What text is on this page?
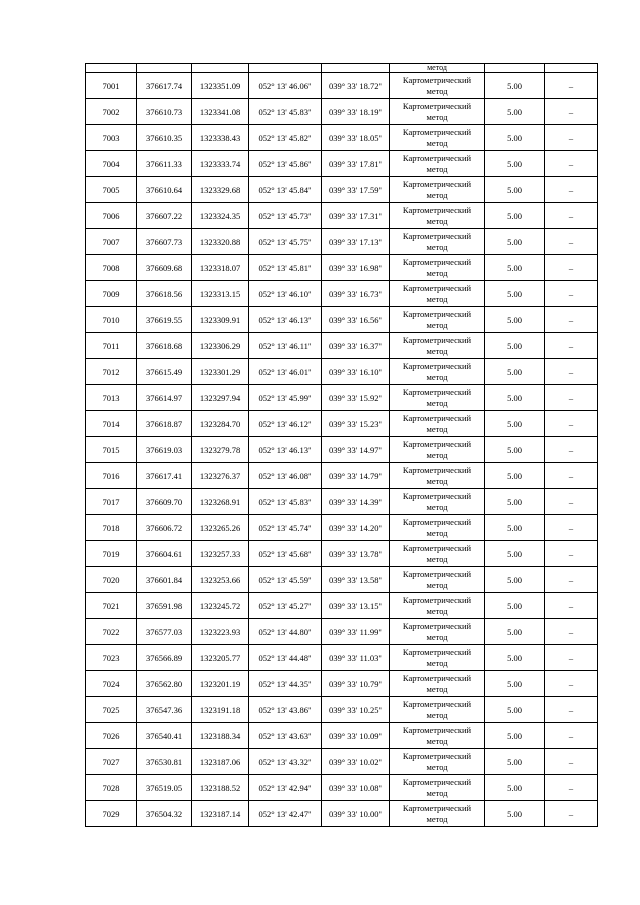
					метод		
7001	376617.74	1323351.09	052° 13' 46.06"	039° 33' 18.72"	Картометрический
метод	5.00	–
7002	376610.73	1323341.08	052° 13' 45.83"	039° 33' 18.19"	Картометрический
метод	5.00	–
7003	376610.35	1323338.43	052° 13' 45.82"	039° 33' 18.05"	Картометрический
метод	5.00	–
7004	376611.33	1323333.74	052° 13' 45.86"	039° 33' 17.81"	Картометрический
метод	5.00	–
7005	376610.64	1323329.68	052° 13' 45.84"	039° 33' 17.59"	Картометрический
метод	5.00	–
7006	376607.22	1323324.35	052° 13' 45.73"	039° 33' 17.31"	Картометрический
метод	5.00	–
7007	376607.73	1323320.88	052° 13' 45.75"	039° 33' 17.13"	Картометрический
метод	5.00	–
7008	376609.68	1323318.07	052° 13' 45.81"	039° 33' 16.98"	Картометрический
метод	5.00	–
7009	376618.56	1323313.15	052° 13' 46.10"	039° 33' 16.73"	Картометрический
метод	5.00	–
7010	376619.55	1323309.91	052° 13' 46.13"	039° 33' 16.56"	Картометрический
метод	5.00	–
7011	376618.68	1323306.29	052° 13' 46.11"	039° 33' 16.37"	Картометрический
метод	5.00	–
7012	376615.49	1323301.29	052° 13' 46.01"	039° 33' 16.10"	Картометрический
метод	5.00	–
7013	376614.97	1323297.94	052° 13' 45.99"	039° 33' 15.92"	Картометрический
метод	5.00	–
7014	376618.87	1323284.70	052° 13' 46.12"	039° 33' 15.23"	Картометрический
метод	5.00	–
7015	376619.03	1323279.78	052° 13' 46.13"	039° 33' 14.97"	Картометрический
метод	5.00	–
7016	376617.41	1323276.37	052° 13' 46.08"	039° 33' 14.79"	Картометрический
метод	5.00	–
7017	376609.70	1323268.91	052° 13' 45.83"	039° 33' 14.39"	Картометрический
метод	5.00	–
7018	376606.72	1323265.26	052° 13' 45.74"	039° 33' 14.20"	Картометрический
метод	5.00	–
7019	376604.61	1323257.33	052° 13' 45.68"	039° 33' 13.78"	Картометрический
метод	5.00	–
7020	376601.84	1323253.66	052° 13' 45.59"	039° 33' 13.58"	Картометрический
метод	5.00	–
7021	376591.98	1323245.72	052° 13' 45.27"	039° 33' 13.15"	Картометрический
метод	5.00	–
7022	376577.03	1323223.93	052° 13' 44.80"	039° 33' 11.99"	Картометрический
метод	5.00	–
7023	376566.89	1323205.77	052° 13' 44.48"	039° 33' 11.03"	Картометрический
метод	5.00	–
7024	376562.80	1323201.19	052° 13' 44.35"	039° 33' 10.79"	Картометрический
метод	5.00	–
7025	376547.36	1323191.18	052° 13' 43.86"	039° 33' 10.25"	Картометрический
метод	5.00	–
7026	376540.41	1323188.34	052° 13' 43.63"	039° 33' 10.09"	Картометрический
метод	5.00	–
7027	376530.81	1323187.06	052° 13' 43.32"	039° 33' 10.02"	Картометрический
метод	5.00	–
7028	376519.05	1323188.52	052° 13' 42.94"	039° 33' 10.08"	Картометрический
метод	5.00	–
7029	376504.32	1323187.14	052° 13' 42.47"	039° 33' 10.00"	Картометрический
метод	5.00	–
